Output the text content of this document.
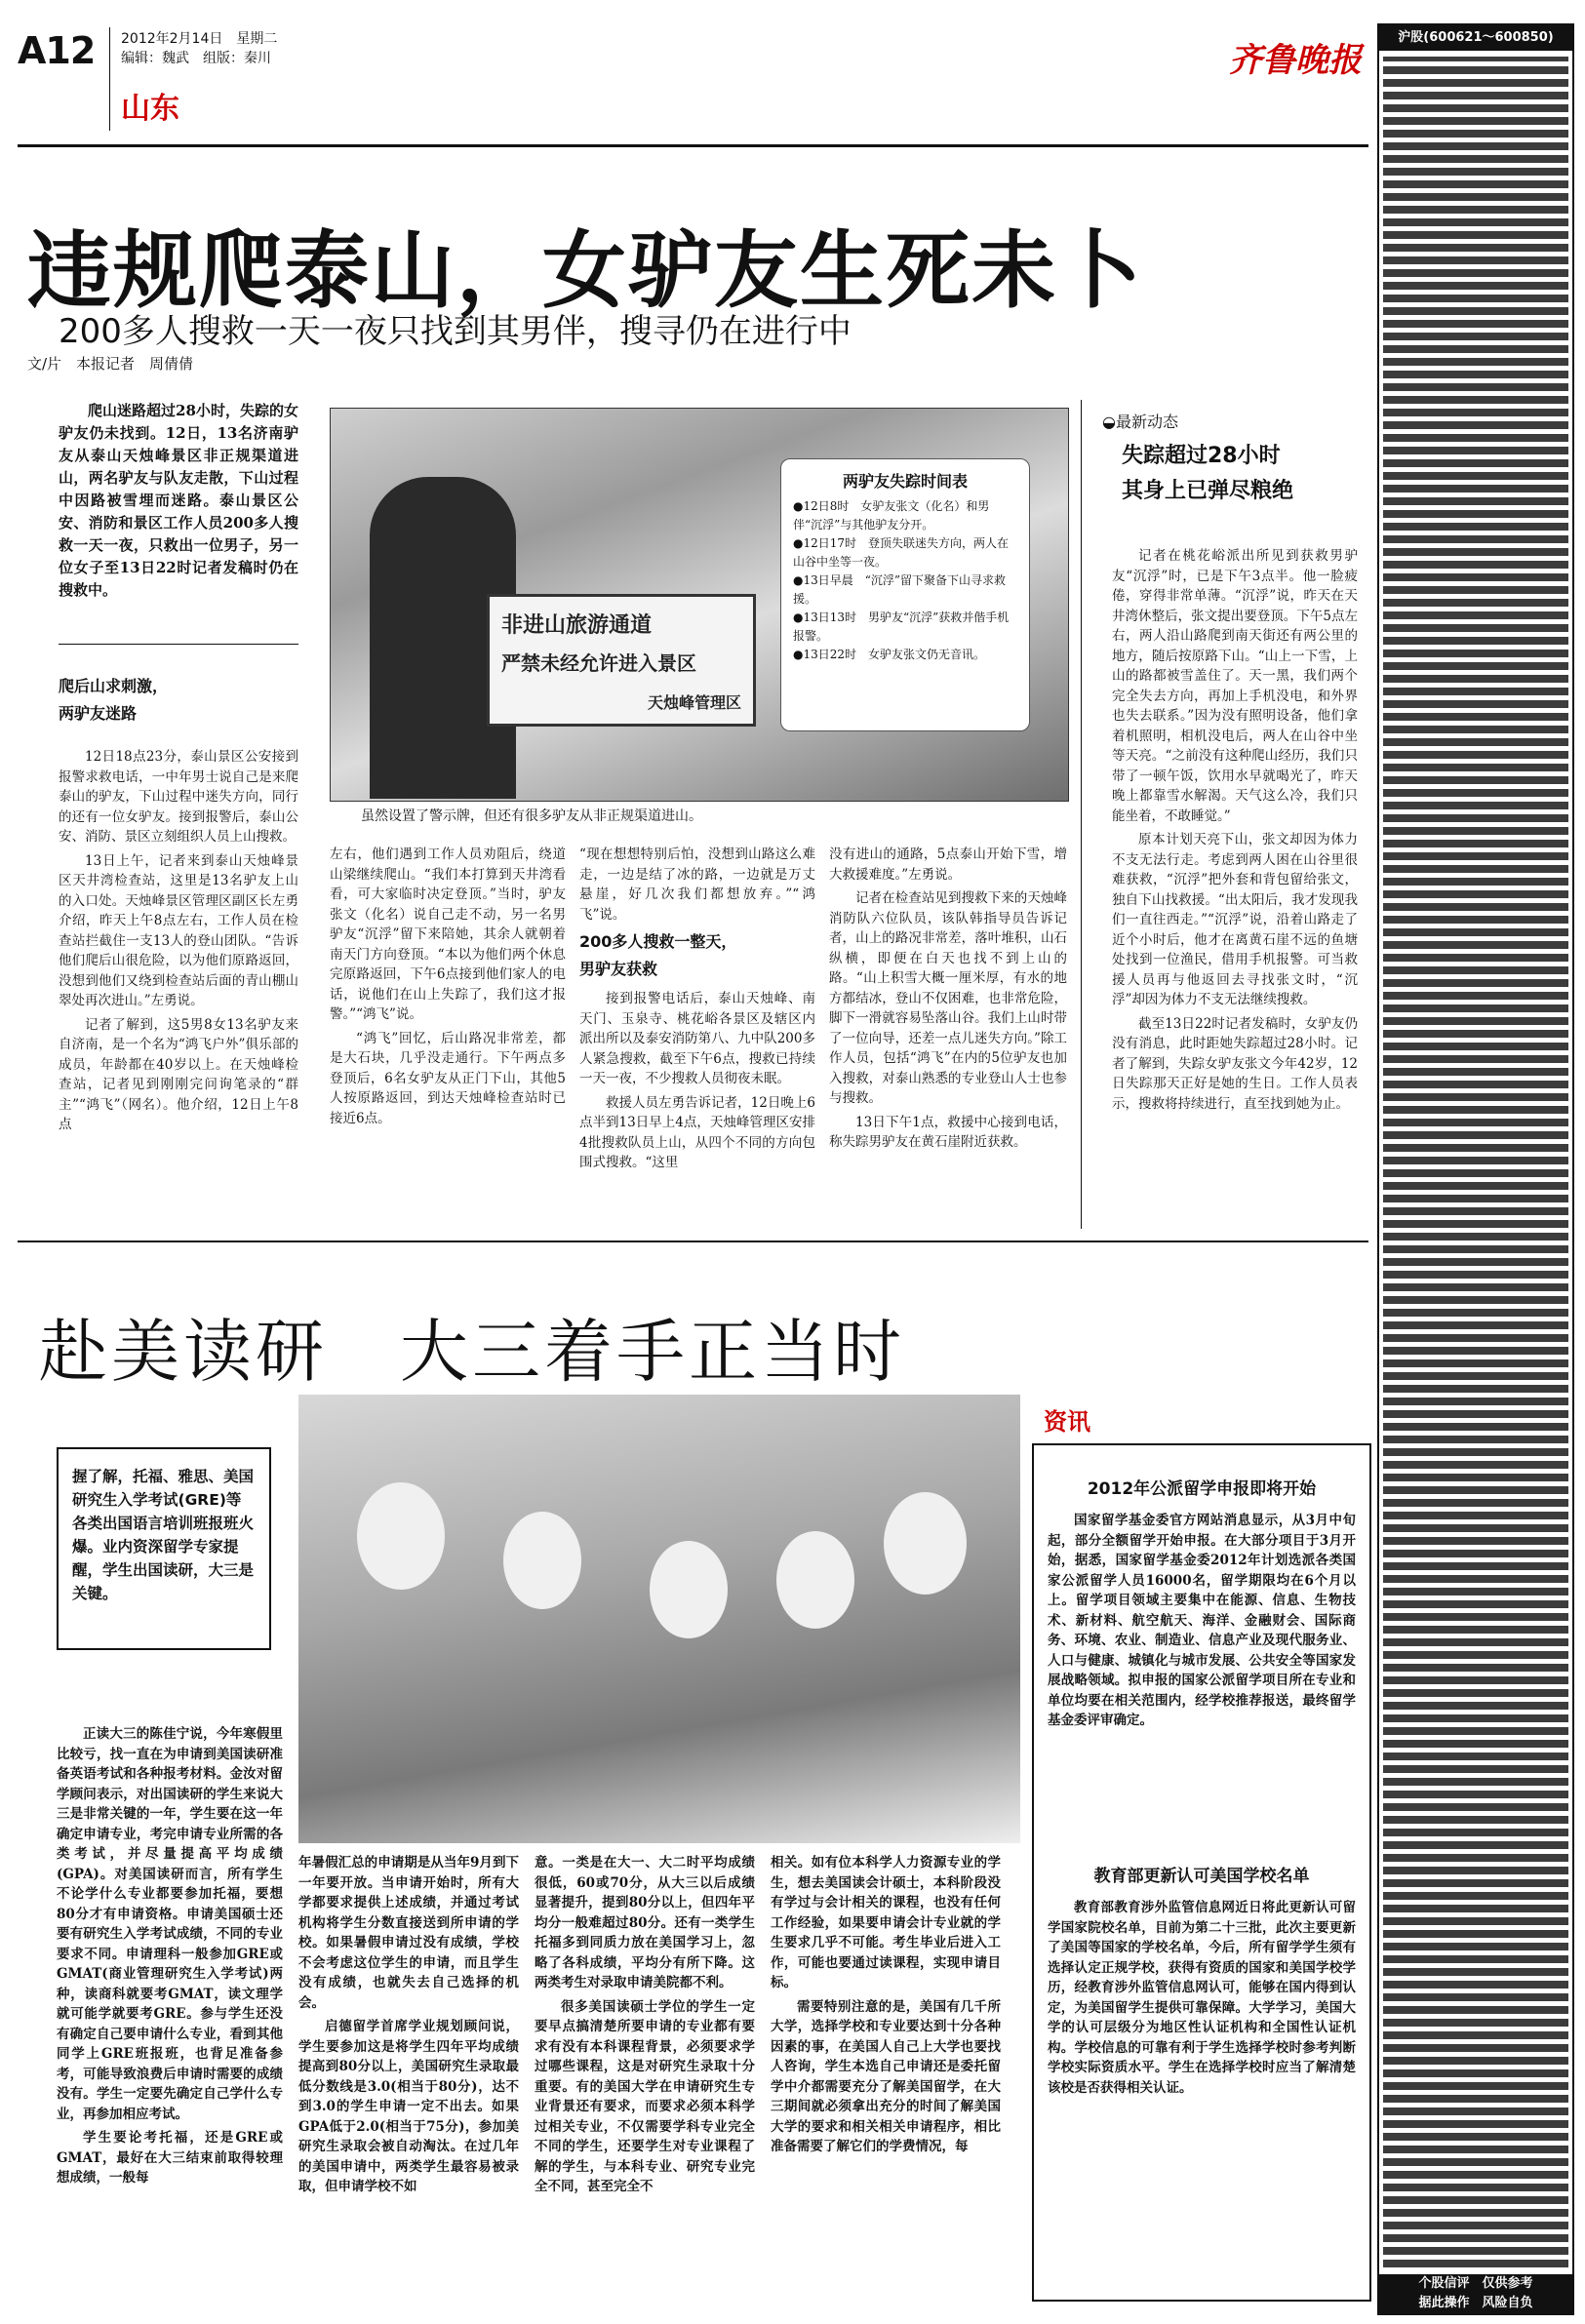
A12 2012年2月14日　星期二
编辑：魏武　组版：秦川
山东
齐鲁晚报
违规爬泰山，女驴友生死未卜
200多人搜救一天一夜只找到其男伴，搜寻仍在进行中
文/片　本报记者　周倩倩

爬山迷路超过28小时，失踪的女驴友仍未找到。12日，13名济南驴友从泰山天烛峰景区非正规渠道进山，两名驴友与队友走散，下山过程中因路被雪埋而迷路。泰山景区公安、消防和景区工作人员200多人搜救一天一夜，只救出一位男子，另一位女子至13日22时记者发稿时仍在搜救中。

爬后山求刺激，
两驴友迷路

12日18点23分，泰山景区公安接到报警求救电话，一中年男士说自己是来爬泰山的驴友，下山过程中迷失方向，同行的还有一位女驴友。接到报警后，泰山公安、消防、景区立刻组织人员上山搜救。

13日上午，记者来到泰山天烛峰景区天井湾检查站，这里是13名驴友上山的入口处。天烛峰景区管理区副区长左勇介绍，昨天上午8点左右，工作人员在检查站拦截住一支13人的登山团队。“告诉他们爬后山很危险，以为他们原路返回，没想到他们又绕到检查站后面的青山棚山翠处再次进山。”左勇说。

记者了解到，这5男8女13名驴友来自济南，是一个名为“鸿飞户外”俱乐部的成员，年龄都在40岁以上。在天烛峰检查站，记者见到刚刚完问询笔录的“群主”“鸿飞”（网名）。他介绍，12日上午8点

非进山旅游通道
严禁未经允许进入景区
天烛峰管理区
两驴友失踪时间表
●12日8时　女驴友张文（化名）和男伴“沉浮”与其他驴友分开。
●12日17时　登顶失联迷失方向，两人在山谷中坐等一夜。
●13日早晨　“沉浮”留下聚备下山寻求救援。
●13日13时　男驴友“沉浮”获救并偕手机报警。
●13日22时　女驴友张文仍无音讯。
虽然设置了警示牌，但还有很多驴友从非正规渠道进山。

左右，他们遇到工作人员劝阻后，绕道山梁继续爬山。“我们本打算到天井湾看看，可大家临时决定登顶。”当时，驴友张文（化名）说自己走不动，另一名男驴友“沉浮”留下来陪她，其余人就朝着南天门方向登顶。“本以为他们两个休息完原路返回，下午6点接到他们家人的电话，说他们在山上失踪了，我们这才报警。”“鸿飞”说。

“鸿飞”回忆，后山路况非常差，都是大石块，几乎没走通行。下午两点多登顶后，6名女驴友从正门下山，其他5人按原路返回，到达天烛峰检查站时已接近6点。

“现在想想特别后怕，没想到山路这么难走，一边是结了冰的路，一边就是万丈悬崖，好几次我们都想放弃。”“鸿飞”说。

200多人搜救一整天，
男驴友获救

接到报警电话后，泰山天烛峰、南天门、玉泉寺、桃花峪各景区及辖区内派出所以及泰安消防第八、九中队200多人紧急搜救，截至下午6点，搜救已持续一天一夜，不少搜救人员彻夜未眠。

救援人员左勇告诉记者，12日晚上6点半到13日早上4点，天烛峰管理区安排4批搜救队员上山，从四个不同的方向包围式搜救。“这里

没有进山的通路，5点泰山开始下雪，增大救援难度。”左勇说。

记者在检查站见到搜救下来的天烛峰消防队六位队员，该队韩指导员告诉记者，山上的路况非常差，落叶堆积，山石纵横，即便在白天也找不到上山的路。“山上积雪大概一厘米厚，有水的地方都结冰，登山不仅困难，也非常危险，脚下一滑就容易坠落山谷。我们上山时带了一位向导，还差一点儿迷失方向。”除工作人员，包括“鸿飞”在内的5位驴友也加入搜救，对泰山熟悉的专业登山人士也参与搜救。

13日下午1点，救援中心接到电话，称失踪男驴友在黄石崖附近获救。

◒最新动态
失踪超过28小时
其身上已弹尽粮绝

记者在桃花峪派出所见到获救男驴友“沉浮”时，已是下午3点半。他一脸疲倦，穿得非常单薄。“沉浮”说，昨天在天井湾休整后，张文提出要登顶。下午5点左右，两人沿山路爬到南天街还有两公里的地方，随后按原路下山。“山上一下雪，上山的路都被雪盖住了。天一黑，我们两个完全失去方向，再加上手机没电，和外界也失去联系。”因为没有照明设备，他们拿着机照明，相机没电后，两人在山谷中坐等天亮。“之前没有这种爬山经历，我们只带了一顿午饭，饮用水早就喝光了，昨天晚上都靠雪水解渴。天气这么冷，我们只能坐着，不敢睡觉。”

原本计划天亮下山，张文却因为体力不支无法行走。考虑到两人困在山谷里很难获救，“沉浮”把外套和背包留给张文，独自下山找救援。“出太阳后，我才发现我们一直往西走。”“沉浮”说，沿着山路走了近个小时后，他才在离黄石崖不远的鱼塘处找到一位渔民，借用手机报警。可当救援人员再与他返回去寻找张文时，“沉浮”却因为体力不支无法继续搜救。

截至13日22时记者发稿时，女驴友仍没有消息，此时距她失踪超过28小时。记者了解到，失踪女驴友张文今年42岁，12日失踪那天正好是她的生日。工作人员表示，搜救将持续进行，直至找到她为止。

赴美读研　大三着手正当时
握了解，托福、雅思、美国研究生入学考试(GRE)等各类出国语言培训班报班火爆。业内资深留学专家提醒，学生出国读研，大三是关键。

正读大三的陈佳宁说，今年寒假里比较亏，找一直在为申请到美国读研准备英语考试和各种报考材料。金汝对留学顾问表示，对出国读研的学生来说大三是非常关键的一年，学生要在这一年确定申请专业，考完申请专业所需的各类考试，并尽量提高平均成绩(GPA)。对美国读研而言，所有学生不论学什么专业都要参加托福，要想80分才有申请资格。申请美国硕士还要有研究生入学考试成绩，不同的专业要求不同。申请理科一般参加GRE或GMAT(商业管理研究生入学考试)两种，读商科就要考GMAT，读文理学就可能学就要考GRE。参与学生还没有确定自己要申请什么专业，看到其他同学上GRE班报班，也背足准备参考，可能导致浪费后申请时需要的成绩没有。学生一定要先确定自己学什么专业，再参加相应考试。

学生要论考托福，还是GRE或GMAT，最好在大三结束前取得较理想成绩，一般每

年暑假汇总的申请期是从当年9月到下一年要开放。当申请开始时，所有大学都要求提供上述成绩，并通过考试机构将学生分数直接送到所申请的学校。如果暑假申请过没有成绩，学校不会考虑这位学生的申请，而且学生没有成绩，也就失去自己选择的机会。

启德留学首席学业规划顾问说，学生要参加这是将学生四年平均成绩提高到80分以上，美国研究生录取最低分数线是3.0(相当于80分)，达不到3.0的学生申请一定不出去。如果GPA低于2.0(相当于75分)，参加美研究生录取会被自动淘汰。在过几年的美国申请中，两类学生最容易被录取，但申请学校不如

意。一类是在大一、大二时平均成绩很低，60或70分，从大三以后成绩显著提升，提到80分以上，但四年平均分一般难超过80分。还有一类学生托福多到同质力放在美国学习上，忽略了各科成绩，平均分有所下降。这两类考生对录取申请美院都不利。

很多美国读硕士学位的学生一定要早点搞清楚所要申请的专业都有要求有没有本科课程背景，必须要求学过哪些课程，这是对研究生录取十分重要。有的美国大学在申请研究生专业背景还有要求，而要求必须本科学过相关专业，不仅需要学科专业完全不同的学生，还要学生对专业课程了解的学生，与本科专业、研究专业完全不同，甚至完全不

相关。如有位本科学人力资源专业的学生，想去美国读会计硕士，本科阶段没有学过与会计相关的课程，也没有任何工作经验，如果要申请会计专业就的学生要求几乎不可能。考生毕业后进入工作，可能也要通过读课程，实现申请目标。

需要特别注意的是，美国有几千所大学，选择学校和专业要达到十分各种因素的事，在美国人自己上大学也要找人咨询，学生本选自己申请还是委托留学中介都需要充分了解美国留学，在大三期间就必须拿出充分的时间了解美国大学的要求和相关相关申请程序，相比准备需要了解它们的学费情况，每

资讯
2012年公派留学申报即将开始

国家留学基金委官方网站消息显示，从3月中旬起，部分全额留学开始申报。在大部分项目于3月开始，据悉，国家留学基金委2012年计划选派各类国家公派留学人员16000名，留学期限均在6个月以上。留学项目领域主要集中在能源、信息、生物技术、新材料、航空航天、海洋、金融财会、国际商务、环境、农业、制造业、信息产业及现代服务业、人口与健康、城镇化与城市发展、公共安全等国家发展战略领域。拟申报的国家公派留学项目所在专业和单位均要在相关范围内，经学校推荐报送，最终留学基金委评审确定。

教育部更新认可美国学校名单

教育部教育涉外监管信息网近日将此更新认可留学国家院校名单，目前为第二十三批，此次主要更新了美国等国家的学校名单，今后，所有留学学生须有选择认定正规学校，获得有资质的国家和美国学校学历，经教育涉外监管信息网认可，能够在国内得到认定，为美国留学生提供可靠保障。大学学习，美国大学的认可层级分为地区性认证机构和全国性认证机构。学校信息的可靠有利于学生选择学校时参考判断学校实际资质水平。学生在选择学校时应当了解清楚该校是否获得相关认证。

沪股(600621～600850)
个股信评　仅供参考
据此操作　风险自负
